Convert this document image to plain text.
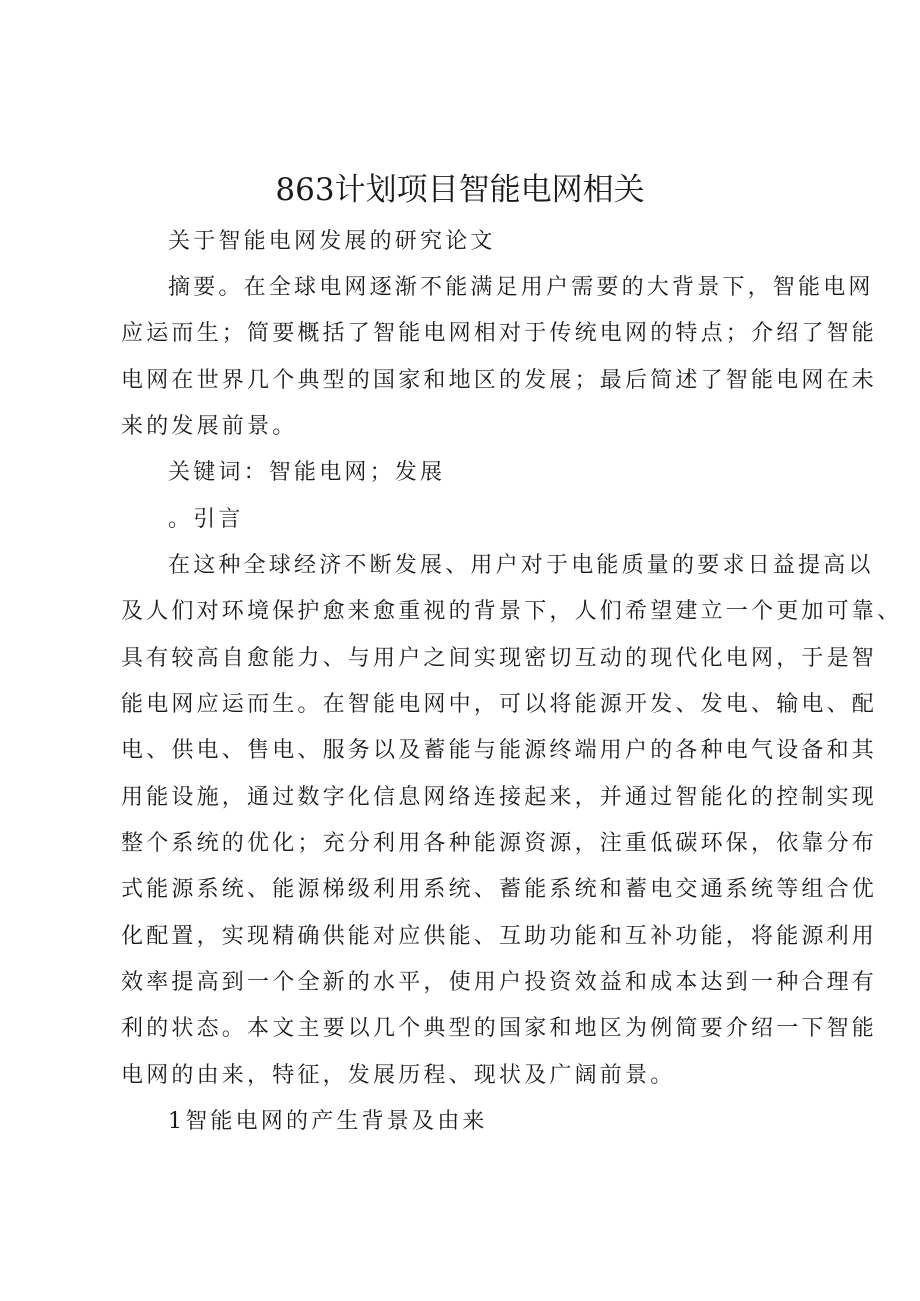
863计划项目智能电网相关
关于智能电网发展的研究论文
摘要。在全球电网逐渐不能满足用户需要的大背景下，智能电网
应运而生；简要概括了智能电网相对于传统电网的特点；介绍了智能
电网在世界几个典型的国家和地区的发展；最后简述了智能电网在未
来的发展前景。
关键词：智能电网；发展
。引言
在这种全球经济不断发展、用户对于电能质量的要求日益提高以
及人们对环境保护愈来愈重视的背景下，人们希望建立一个更加可靠、
具有较高自愈能力、与用户之间实现密切互动的现代化电网，于是智
能电网应运而生。在智能电网中，可以将能源开发、发电、输电、配
电、供电、售电、服务以及蓄能与能源终端用户的各种电气设备和其
用能设施，通过数字化信息网络连接起来，并通过智能化的控制实现
整个系统的优化；充分利用各种能源资源，注重低碳环保，依靠分布
式能源系统、能源梯级利用系统、蓄能系统和蓄电交通系统等组合优
化配置，实现精确供能对应供能、互助功能和互补功能，将能源利用
效率提高到一个全新的水平，使用户投资效益和成本达到一种合理有
利的状态。本文主要以几个典型的国家和地区为例简要介绍一下智能
电网的由来，特征，发展历程、现状及广阔前景。
1智能电网的产生背景及由来
